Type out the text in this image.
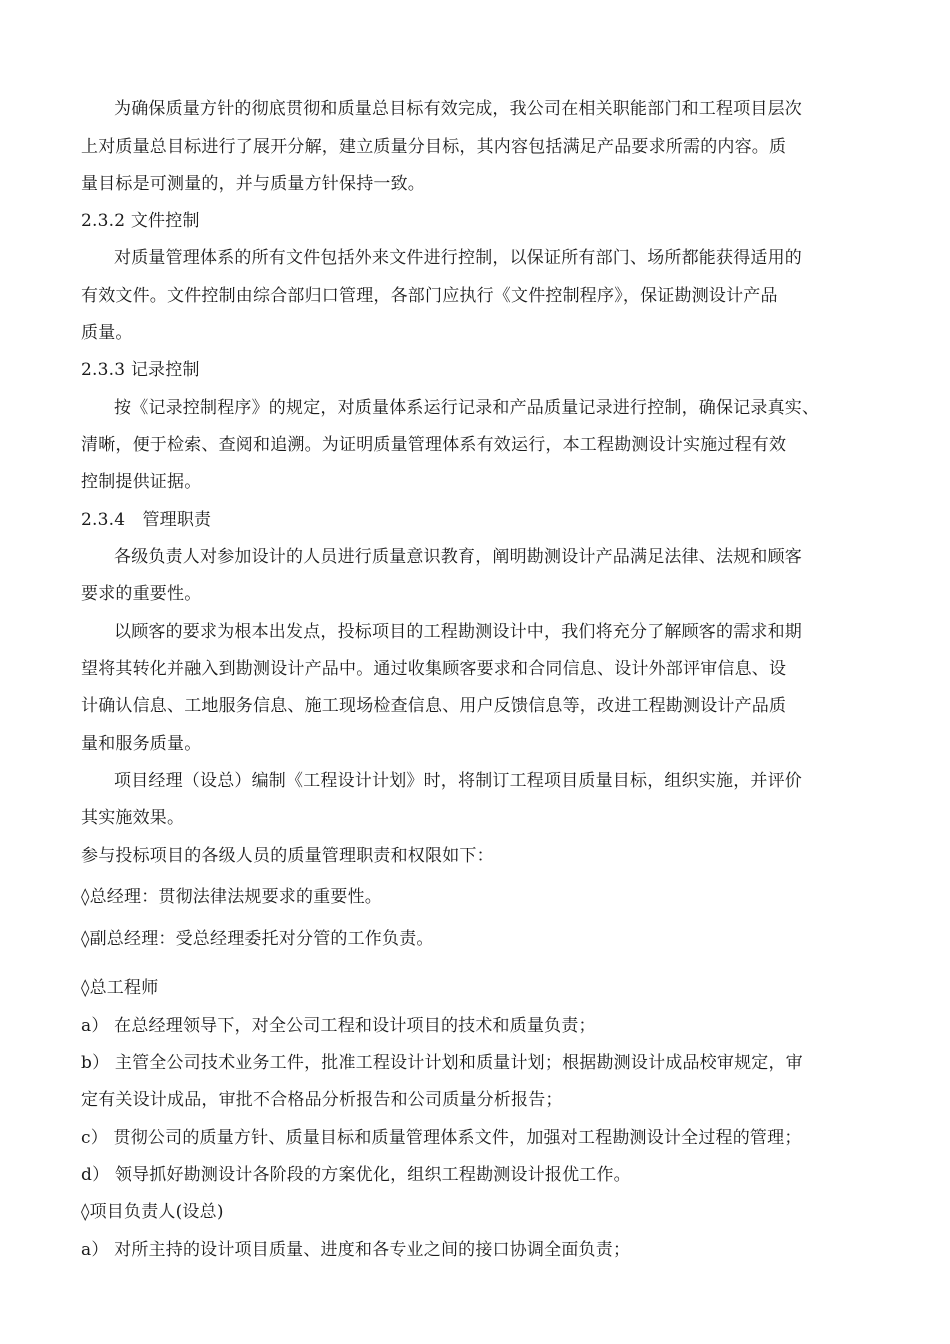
为确保质量方针的彻底贯彻和质量总目标有效完成，我公司在相关职能部门和工程项目层次
上对质量总目标进行了展开分解，建立质量分目标，其内容包括满足产品要求所需的内容。质
量目标是可测量的，并与质量方针保持一致。
2.3.2 文件控制
对质量管理体系的所有文件包括外来文件进行控制，以保证所有部门、场所都能获得适用的
有效文件。文件控制由综合部归口管理，各部门应执行《文件控制程序》，保证勘测设计产品
质量。
2.3.3 记录控制
按《记录控制程序》的规定，对质量体系运行记录和产品质量记录进行控制，确保记录真实、
清晰，便于检索、查阅和追溯。为证明质量管理体系有效运行，本工程勘测设计实施过程有效
控制提供证据。
2.3.4　管理职责
各级负责人对参加设计的人员进行质量意识教育，阐明勘测设计产品满足法律、法规和顾客
要求的重要性。
以顾客的要求为根本出发点，投标项目的工程勘测设计中，我们将充分了解顾客的需求和期
望将其转化并融入到勘测设计产品中。通过收集顾客要求和合同信息、设计外部评审信息、设
计确认信息、工地服务信息、施工现场检查信息、用户反馈信息等，改进工程勘测设计产品质
量和服务质量。
项目经理（设总）编制《工程设计计划》时，将制订工程项目质量目标，组织实施，并评价
其实施效果。
参与投标项目的各级人员的质量管理职责和权限如下：
◊总经理：贯彻法律法规要求的重要性。
◊副总经理：受总经理委托对分管的工作负责。
◊总工程师
a） 在总经理领导下，对全公司工程和设计项目的技术和质量负责；
b） 主管全公司技术业务工件，批准工程设计计划和质量计划；根据勘测设计成品校审规定，审
定有关设计成品，审批不合格品分析报告和公司质量分析报告；
c） 贯彻公司的质量方针、质量目标和质量管理体系文件，加强对工程勘测设计全过程的管理；
d） 领导抓好勘测设计各阶段的方案优化，组织工程勘测设计报优工作。
◊项目负责人(设总)
a） 对所主持的设计项目质量、进度和各专业之间的接口协调全面负责；
